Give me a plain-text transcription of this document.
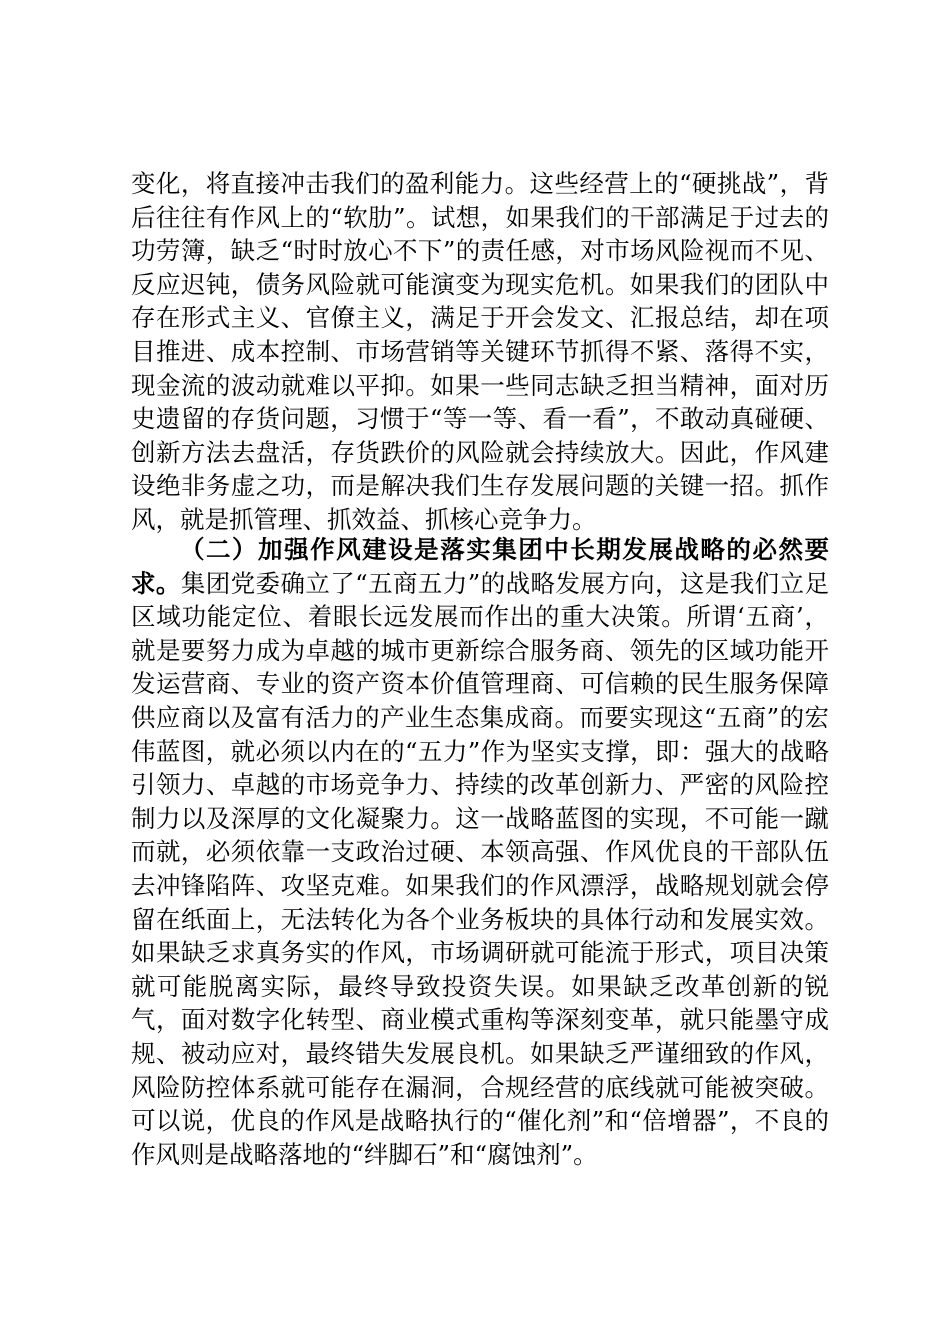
变化，将直接冲击我们的盈利能力。这些经营上的“硬挑战”，背后往往有作风上的“软肋”。试想，如果我们的干部满足于过去的功劳簿，缺乏“时时放心不下”的责任感，对市场风险视而不见、反应迟钝，债务风险就可能演变为现实危机。如果我们的团队中存在形式主义、官僚主义，满足于开会发文、汇报总结，却在项目推进、成本控制、市场营销等关键环节抓得不紧、落得不实，现金流的波动就难以平抑。如果一些同志缺乏担当精神，面对历史遗留的存货问题，习惯于“等一等、看一看”，不敢动真碰硬、创新方法去盘活，存货跌价的风险就会持续放大。因此，作风建设绝非务虚之功，而是解决我们生存发展问题的关键一招。抓作风，就是抓管理、抓效益、抓核心竞争力。

（二）加强作风建设是落实集团中长期发展战略的必然要求。集团党委确立了“五商五力”的战略发展方向，这是我们立足区域功能定位、着眼长远发展而作出的重大决策。所谓‘五商’，就是要努力成为卓越的城市更新综合服务商、领先的区域功能开发运营商、专业的资产资本价值管理商、可信赖的民生服务保障供应商以及富有活力的产业生态集成商。而要实现这“五商”的宏伟蓝图，就必须以内在的“五力”作为坚实支撑，即：强大的战略引领力、卓越的市场竞争力、持续的改革创新力、严密的风险控制力以及深厚的文化凝聚力。这一战略蓝图的实现，不可能一蹴而就，必须依靠一支政治过硬、本领高强、作风优良的干部队伍去冲锋陷阵、攻坚克难。如果我们的作风漂浮，战略规划就会停留在纸面上，无法转化为各个业务板块的具体行动和发展实效。如果缺乏求真务实的作风，市场调研就可能流于形式，项目决策就可能脱离实际，最终导致投资失误。如果缺乏改革创新的锐气，面对数字化转型、商业模式重构等深刻变革，就只能墨守成规、被动应对，最终错失发展良机。如果缺乏严谨细致的作风，风险防控体系就可能存在漏洞，合规经营的底线就可能被突破。可以说，优良的作风是战略执行的“催化剂”和“倍增器”，不良的作风则是战略落地的“绊脚石”和“腐蚀剂”。
